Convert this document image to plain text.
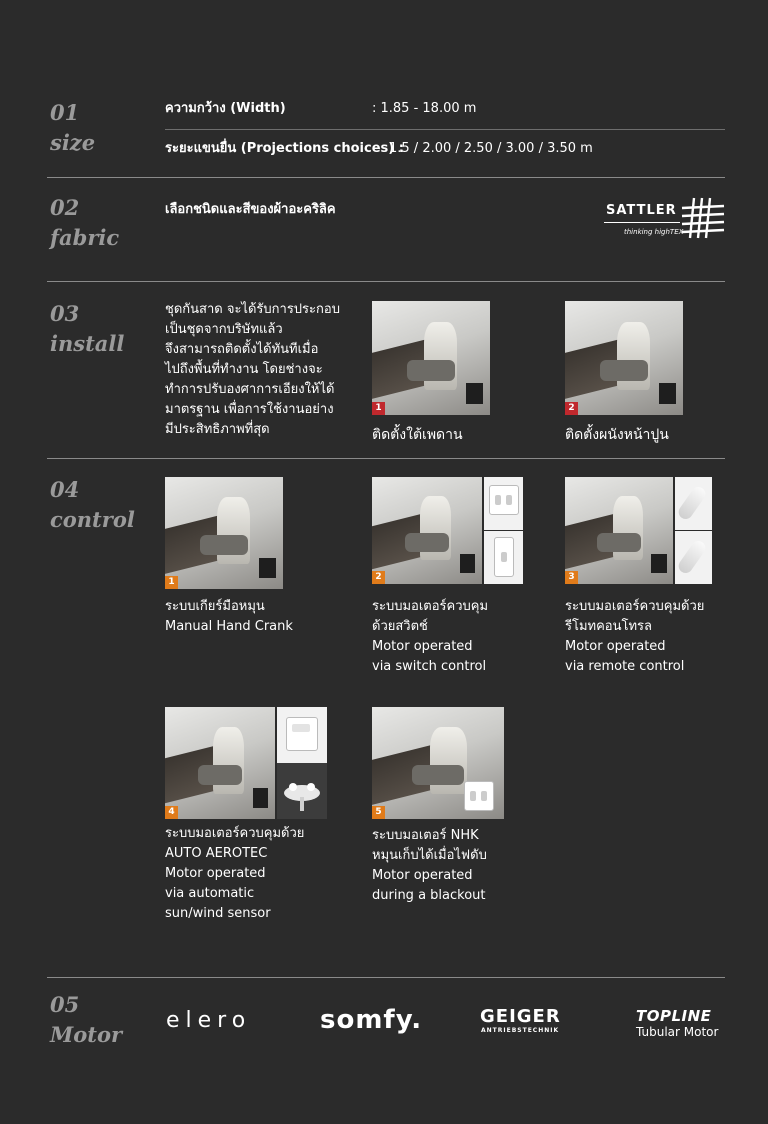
01
size
ความกว้าง (Width)	: 1.85 - 18.00 m
ระยะแขนยื่น (Projections choices) :
1.5 / 2.00 / 2.50 / 3.00 / 3.50 m
02
fabric
เลือกชนิดและสีของผ้าอะคริลิค	SATTLER
thinking highTEX
03
install
ชุดกันสาด จะได้รับการประกอบ
เป็นชุดจากบริษัทแล้ว
จึงสามารถติดตั้งได้ทันทีเมื่อ
ไปถึงพื้นที่ทำงาน โดยช่างจะ
ทำการปรับองศาการเอียงให้ได้
มาตรฐาน เพื่อการใช้งานอย่าง
มีประสิทธิภาพที่สุด
1
ติดตั้งใต้เพดาน
2
ติดตั้งผนังหน้าปูน
04
control
1
ระบบเกียร์มือหมุน
Manual Hand Crank
2
ระบบมอเตอร์ควบคุม
ด้วยสวิตช์
Motor operated
via switch control
3
ระบบมอเตอร์ควบคุมด้วย
รีโมทคอนโทรล
Motor operated
via remote control
4
ระบบมอเตอร์ควบคุมด้วย
AUTO AEROTEC
Motor operated
via automatic
sun/wind sensor
5
ระบบมอเตอร์ NHK
หมุนเก็บได้เมื่อไฟดับ
Motor operated
during a blackout
05
Motor
elero	somfy.	GEIGER
ANTRIEBSTECHNIK
TOPLINE
Tubular Motor
